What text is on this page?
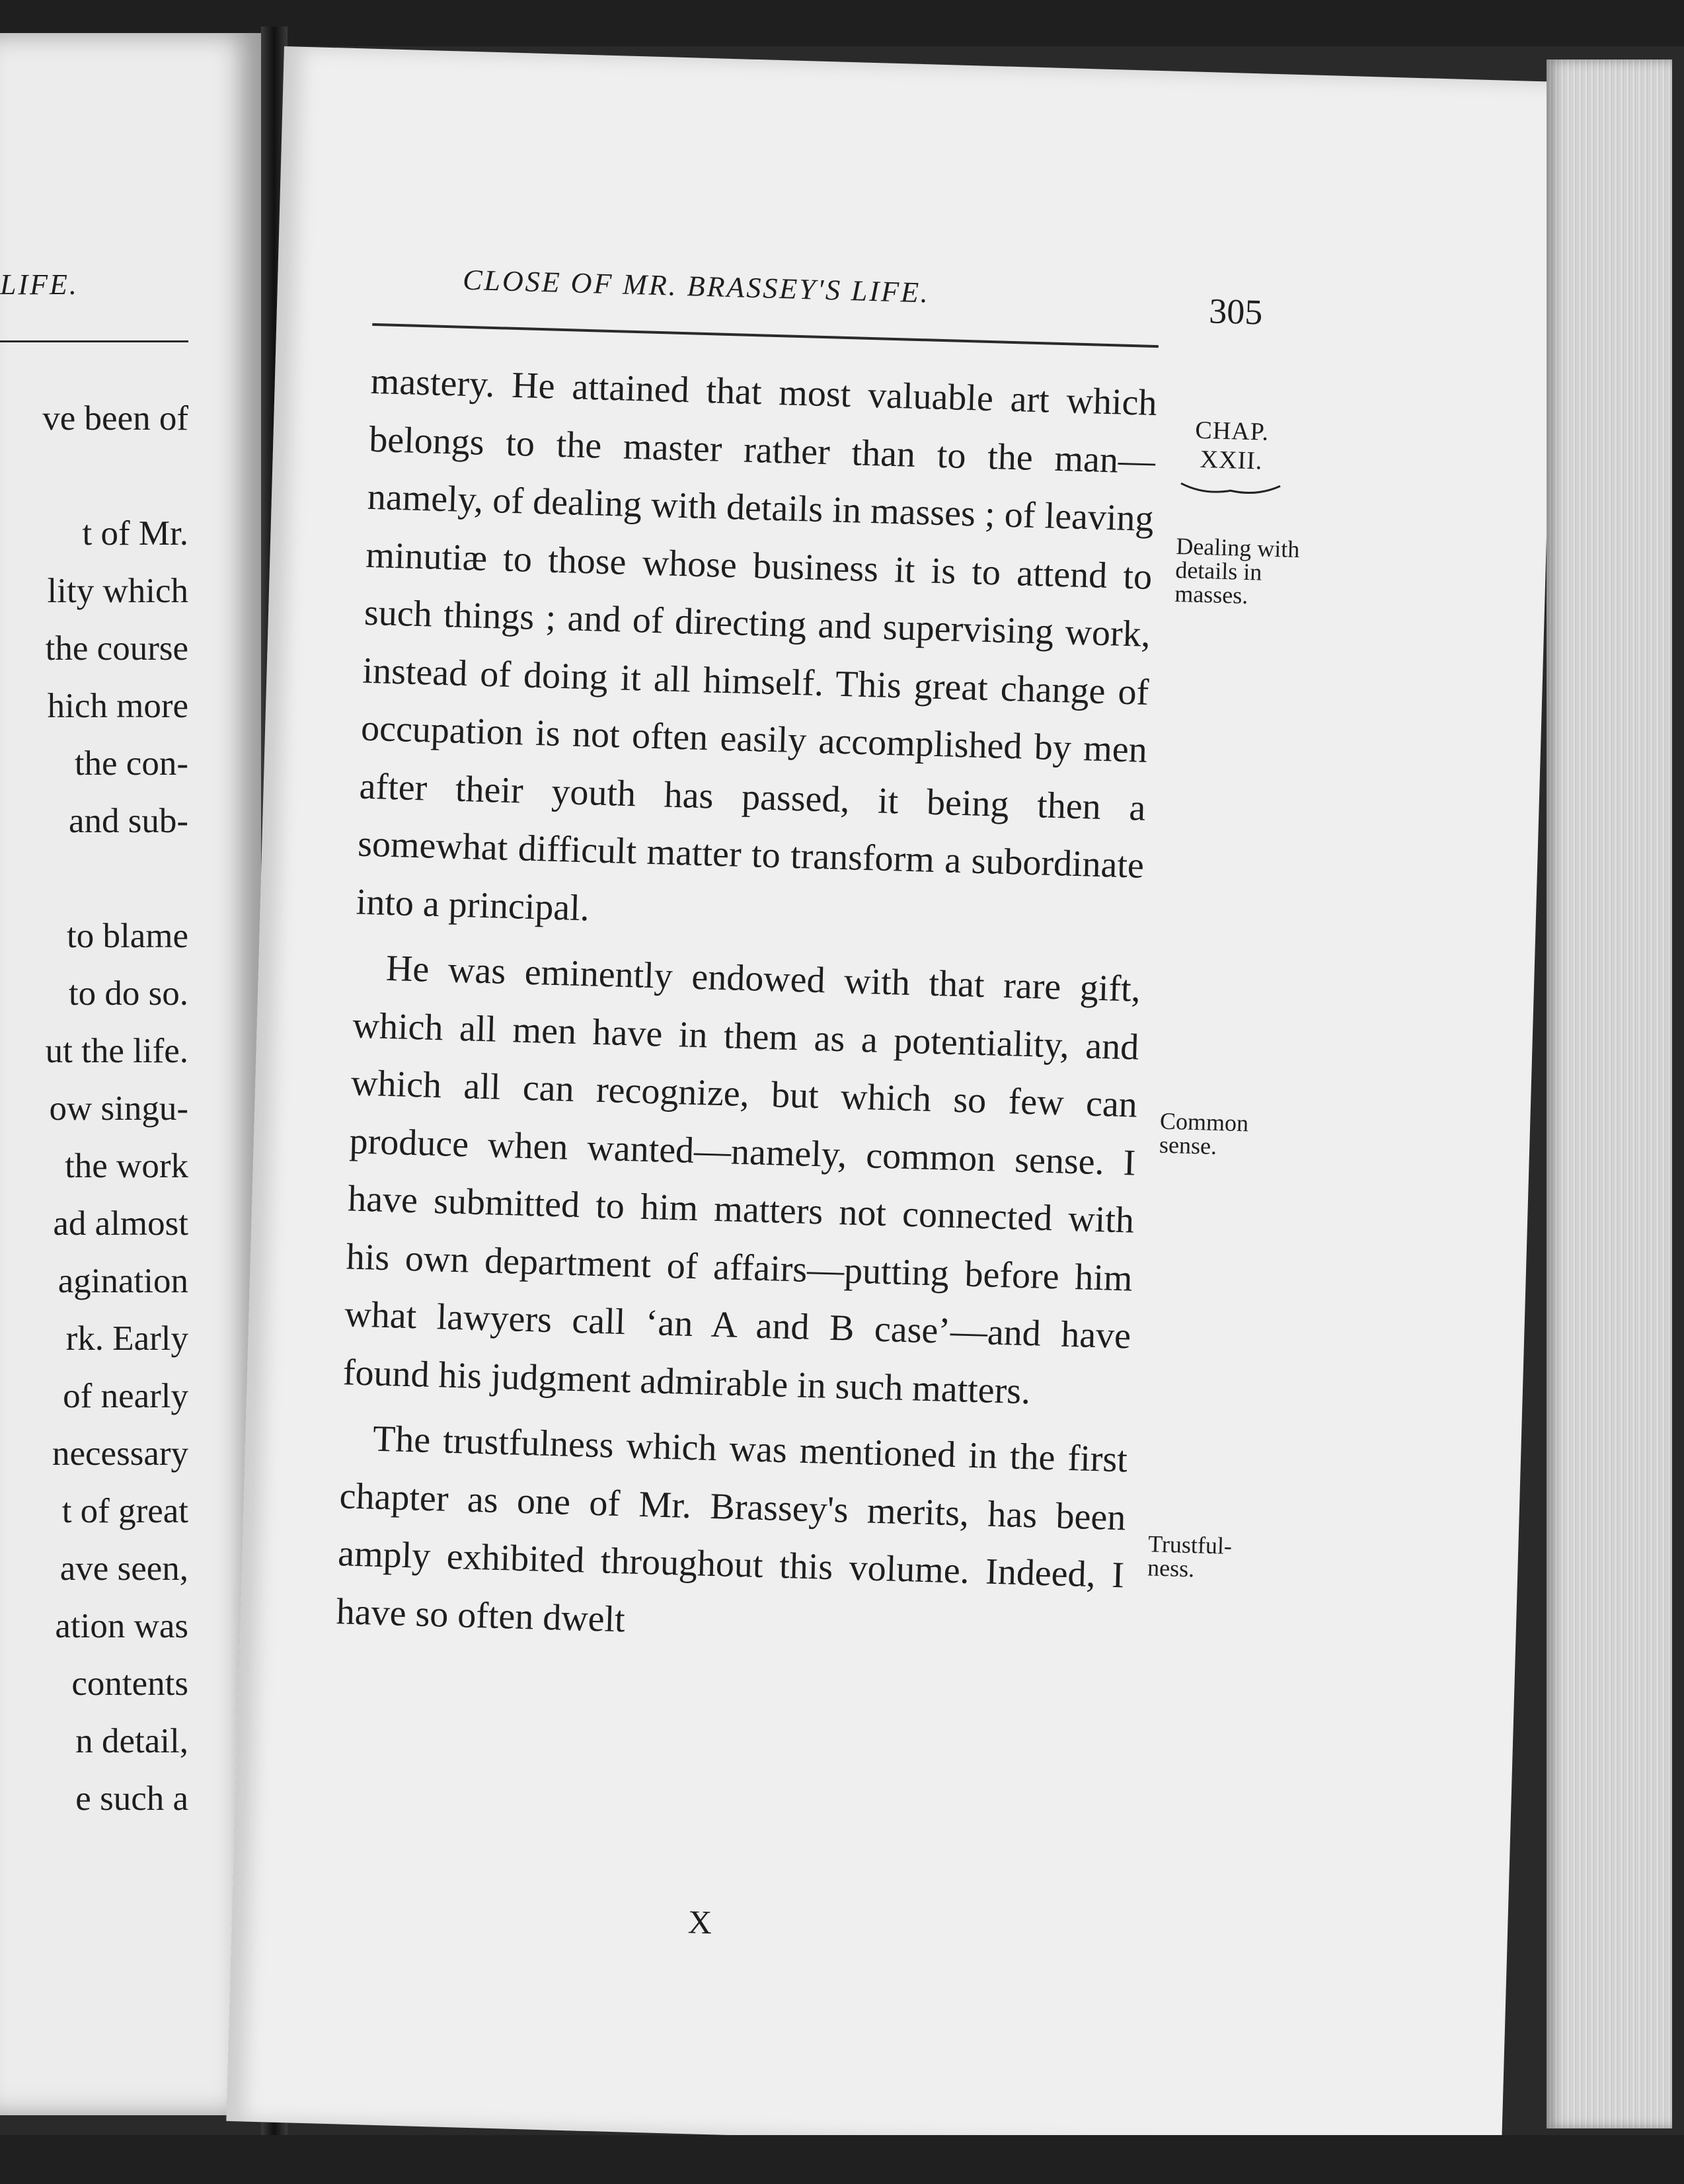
LIFE.
ve been of

t of Mr.
lity which
the course
hich more
the con-
and sub-

to blame
to do so.
ut the life.
ow singu-
the work
ad almost
agination
rk. Early
of nearly
necessary
t of great
ave seen,
ation was
contents
n detail,
e such a
CLOSE OF MR. BRASSEY'S LIFE.
305
CHAP. XXII.
Dealing with details in masses.
Common sense.
Trustful- ness.

mastery. He attained that most valuable art which belongs to the master rather than to the man—namely, of dealing with details in masses ; of leaving minutiæ to those whose business it is to attend to such things ; and of directing and supervising work, instead of doing it all himself. This great change of occupation is not often easily accomplished by men after their youth has passed, it being then a somewhat difficult matter to transform a subordinate into a principal.

He was eminently endowed with that rare gift, which all men have in them as a potentiality, and which all can recognize, but which so few can produce when wanted—namely, common sense. I have submitted to him matters not connected with his own department of affairs—putting before him what lawyers call ‘an A and B case’—and have found his judgment admirable in such matters.

The trustfulness which was mentioned in the first chapter as one of Mr. Brassey's merits, has been amply exhibited throughout this volume. Indeed, I have so often dwelt

X
